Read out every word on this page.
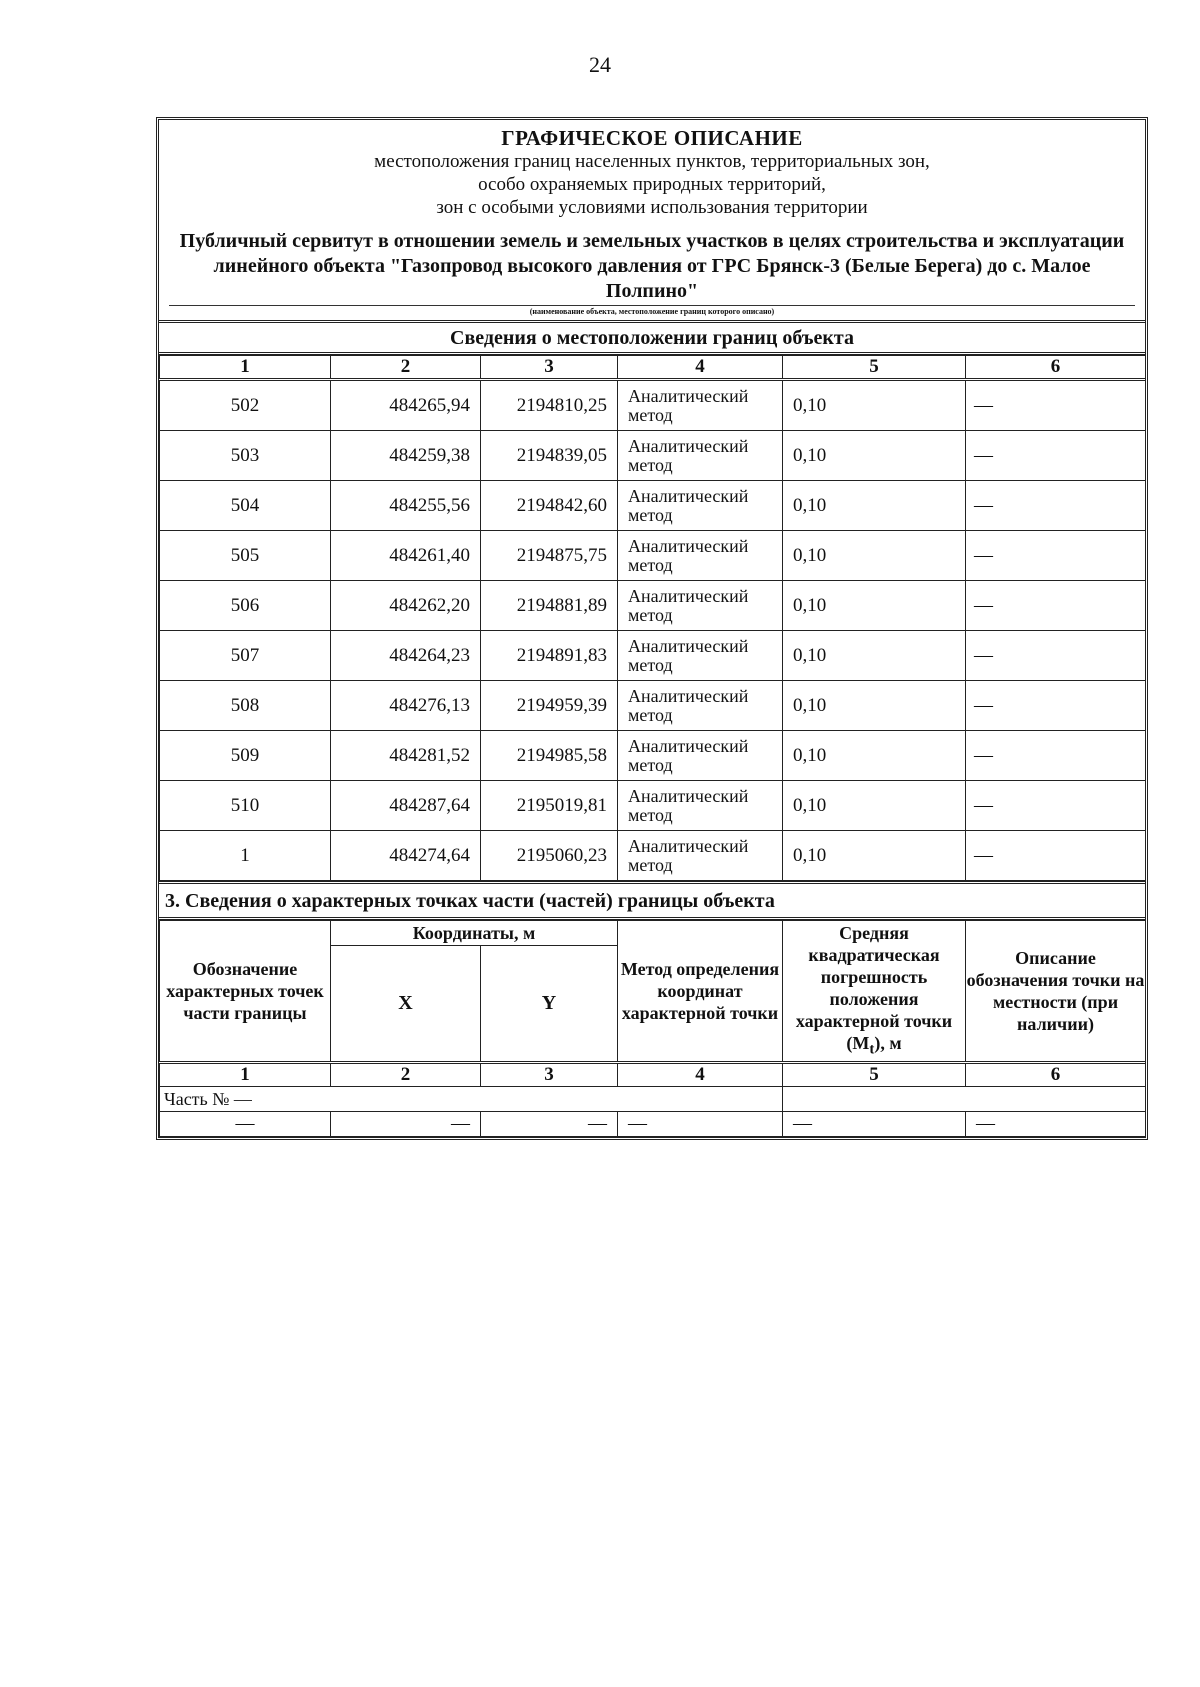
24
ГРАФИЧЕСКОЕ ОПИСАНИЕ
местоположения границ населенных пунктов, территориальных зон,
особо охраняемых природных территорий,
зон с особыми условиями использования территории
Публичный сервитут в отношении земель и земельных участков в целях строительства и эксплуатации линейного объекта "Газопровод высокого давления от ГРС Брянск-3 (Белые Берега) до с. Малое Полпино"
(наименование объекта, местоположение границ которого описано)
Сведения о местоположении границ объекта
1	2	3	4	5	6
502	484265,94	2194810,25	Аналитический метод	0,10	—
503	484259,38	2194839,05	Аналитический метод	0,10	—
504	484255,56	2194842,60	Аналитический метод	0,10	—
505	484261,40	2194875,75	Аналитический метод	0,10	—
506	484262,20	2194881,89	Аналитический метод	0,10	—
507	484264,23	2194891,83	Аналитический метод	0,10	—
508	484276,13	2194959,39	Аналитический метод	0,10	—
509	484281,52	2194985,58	Аналитический метод	0,10	—
510	484287,64	2195019,81	Аналитический метод	0,10	—
1	484274,64	2195060,23	Аналитический метод	0,10	—
3. Сведения о характерных точках части (частей) границы объекта
Обозначение характерных точек части границы	Координаты, м		Метод определения координат характерной точки	Средняя квадратическая погрешность положения характерной точки $(M_t)$, м	Описание обозначения точки на местности (при наличии)
	X	Y			
1	2	3	4	5	6
Часть № —					
—	—	—	—	—	—
